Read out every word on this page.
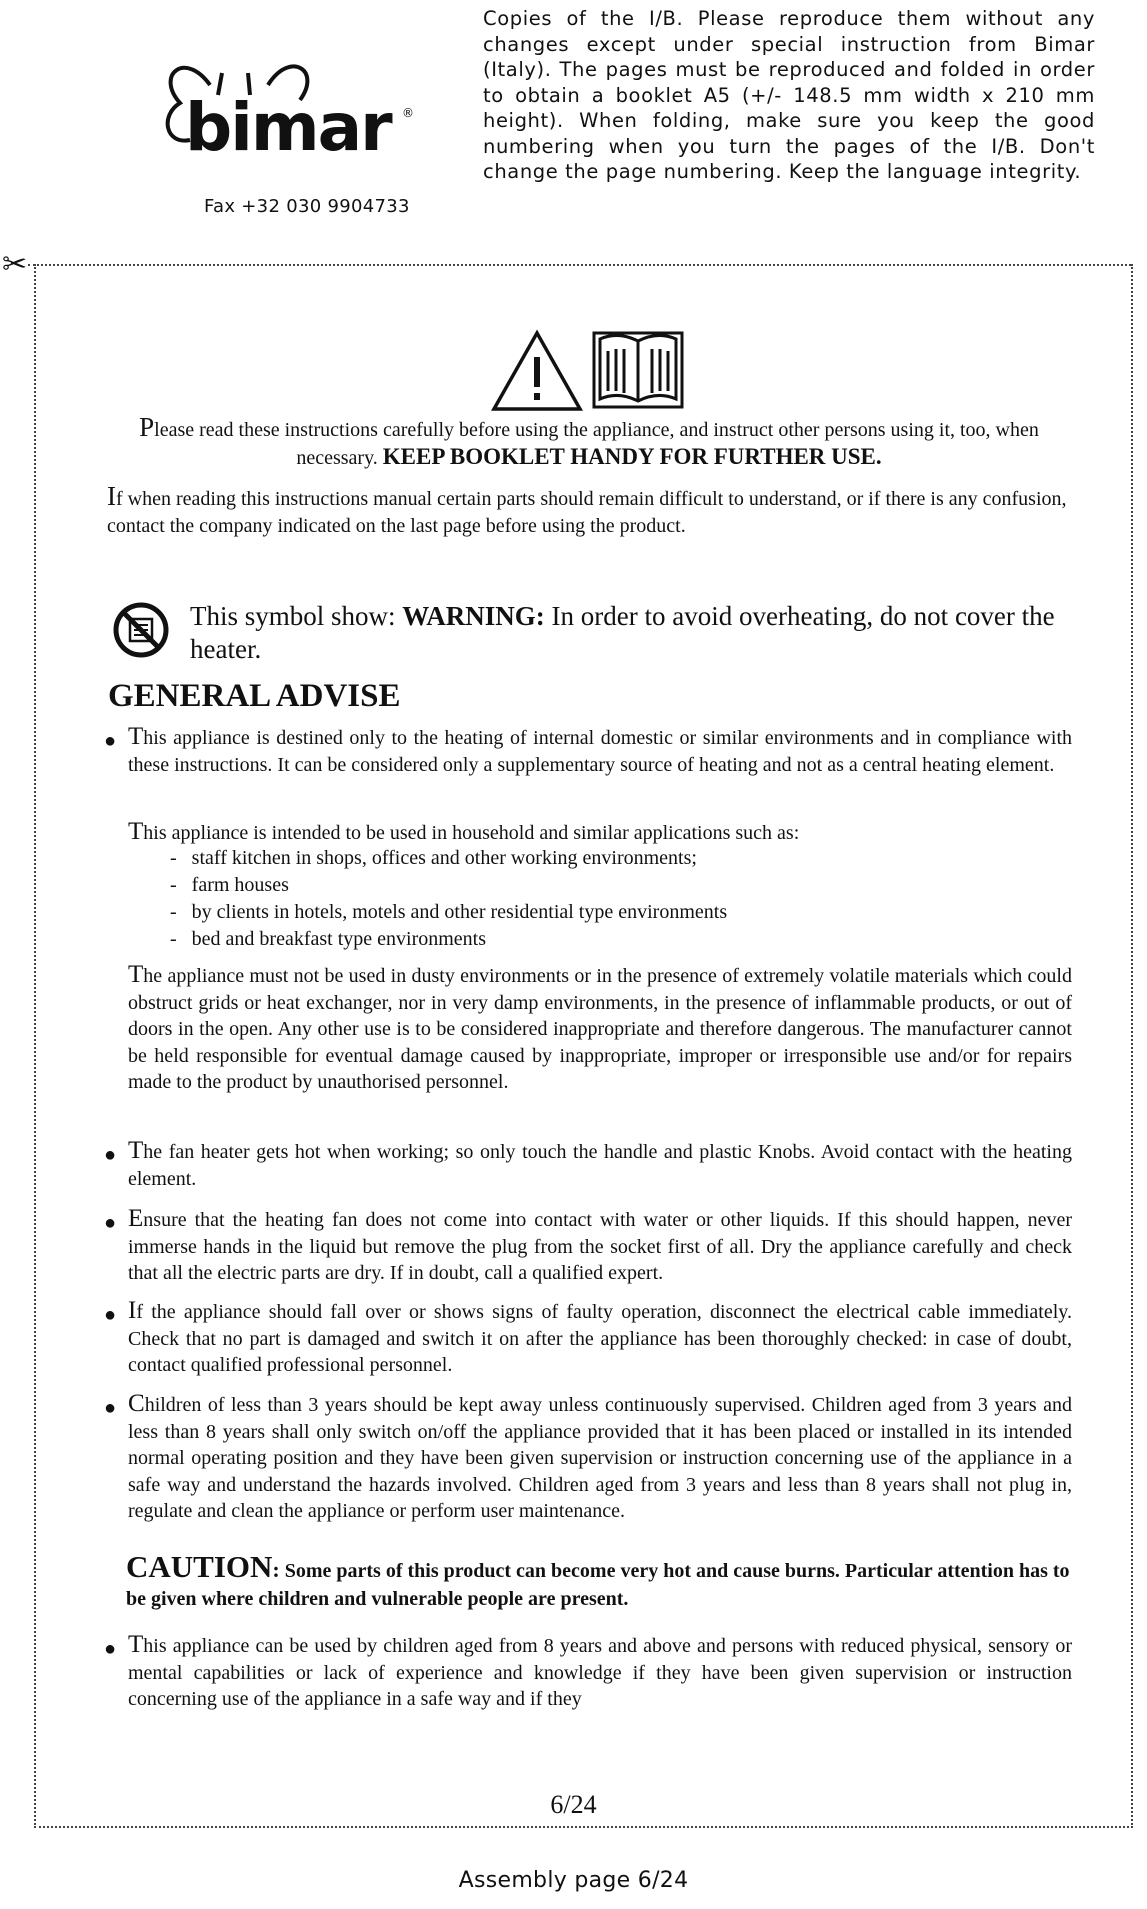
bimar ®
Fax +32 030 9904733
Copies of the I/B. Please reproduce them without any changes except under special instruction from Bimar (Italy). The pages must be reproduced and folded in order to obtain a booklet A5 (+/- 148.5 mm width x 210 mm height). When folding, make sure you keep the good numbering when you turn the pages of the I/B. Don't change the page numbering. Keep the language integrity.
✂
Please read these instructions carefully before using the appliance, and instruct other persons using it, too, when necessary. KEEP BOOKLET HANDY FOR FURTHER USE.
If when reading this instructions manual certain parts should remain difficult to understand, or if there is any confusion, contact the company indicated on the last page before using the product.
This symbol show: WARNING: In order to avoid overheating, do not cover the heater.
GENERAL ADVISE
● This appliance is destined only to the heating of internal domestic or similar environments and in compliance with these instructions. It can be considered only a supplementary source of heating and not as a central heating element.
This appliance is intended to be used in household and similar applications such as:
- staff kitchen in shops, offices and other working environments;
- farm houses
- by clients in hotels, motels and other residential type environments
- bed and breakfast type environments
The appliance must not be used in dusty environments or in the presence of extremely volatile materials which could obstruct grids or heat exchanger, nor in very damp environments, in the presence of inflammable products, or out of doors in the open. Any other use is to be considered inappropriate and therefore dangerous. The manufacturer cannot be held responsible for eventual damage caused by inappropriate, improper or irresponsible use and/or for repairs made to the product by unauthorised personnel.
● The fan heater gets hot when working; so only touch the handle and plastic Knobs. Avoid contact with the heating element.
● Ensure that the heating fan does not come into contact with water or other liquids. If this should happen, never immerse hands in the liquid but remove the plug from the socket first of all. Dry the appliance carefully and check that all the electric parts are dry. If in doubt, call a qualified expert.
● If the appliance should fall over or shows signs of faulty operation, disconnect the electrical cable immediately. Check that no part is damaged and switch it on after the appliance has been thoroughly checked: in case of doubt, contact qualified professional personnel.
● Children of less than 3 years should be kept away unless continuously supervised. Children aged from 3 years and less than 8 years shall only switch on/off the appliance provided that it has been placed or installed in its intended normal operating position and they have been given supervision or instruction concerning use of the appliance in a safe way and understand the hazards involved. Children aged from 3 years and less than 8 years shall not plug in, regulate and clean the appliance or perform user maintenance.
CAUTION: Some parts of this product can become very hot and cause burns. Particular attention has to be given where children and vulnerable people are present.
● This appliance can be used by children aged from 8 years and above and persons with reduced physical, sensory or mental capabilities or lack of experience and knowledge if they have been given supervision or instruction concerning use of the appliance in a safe way and if they
6/24
Assembly page 6/24
